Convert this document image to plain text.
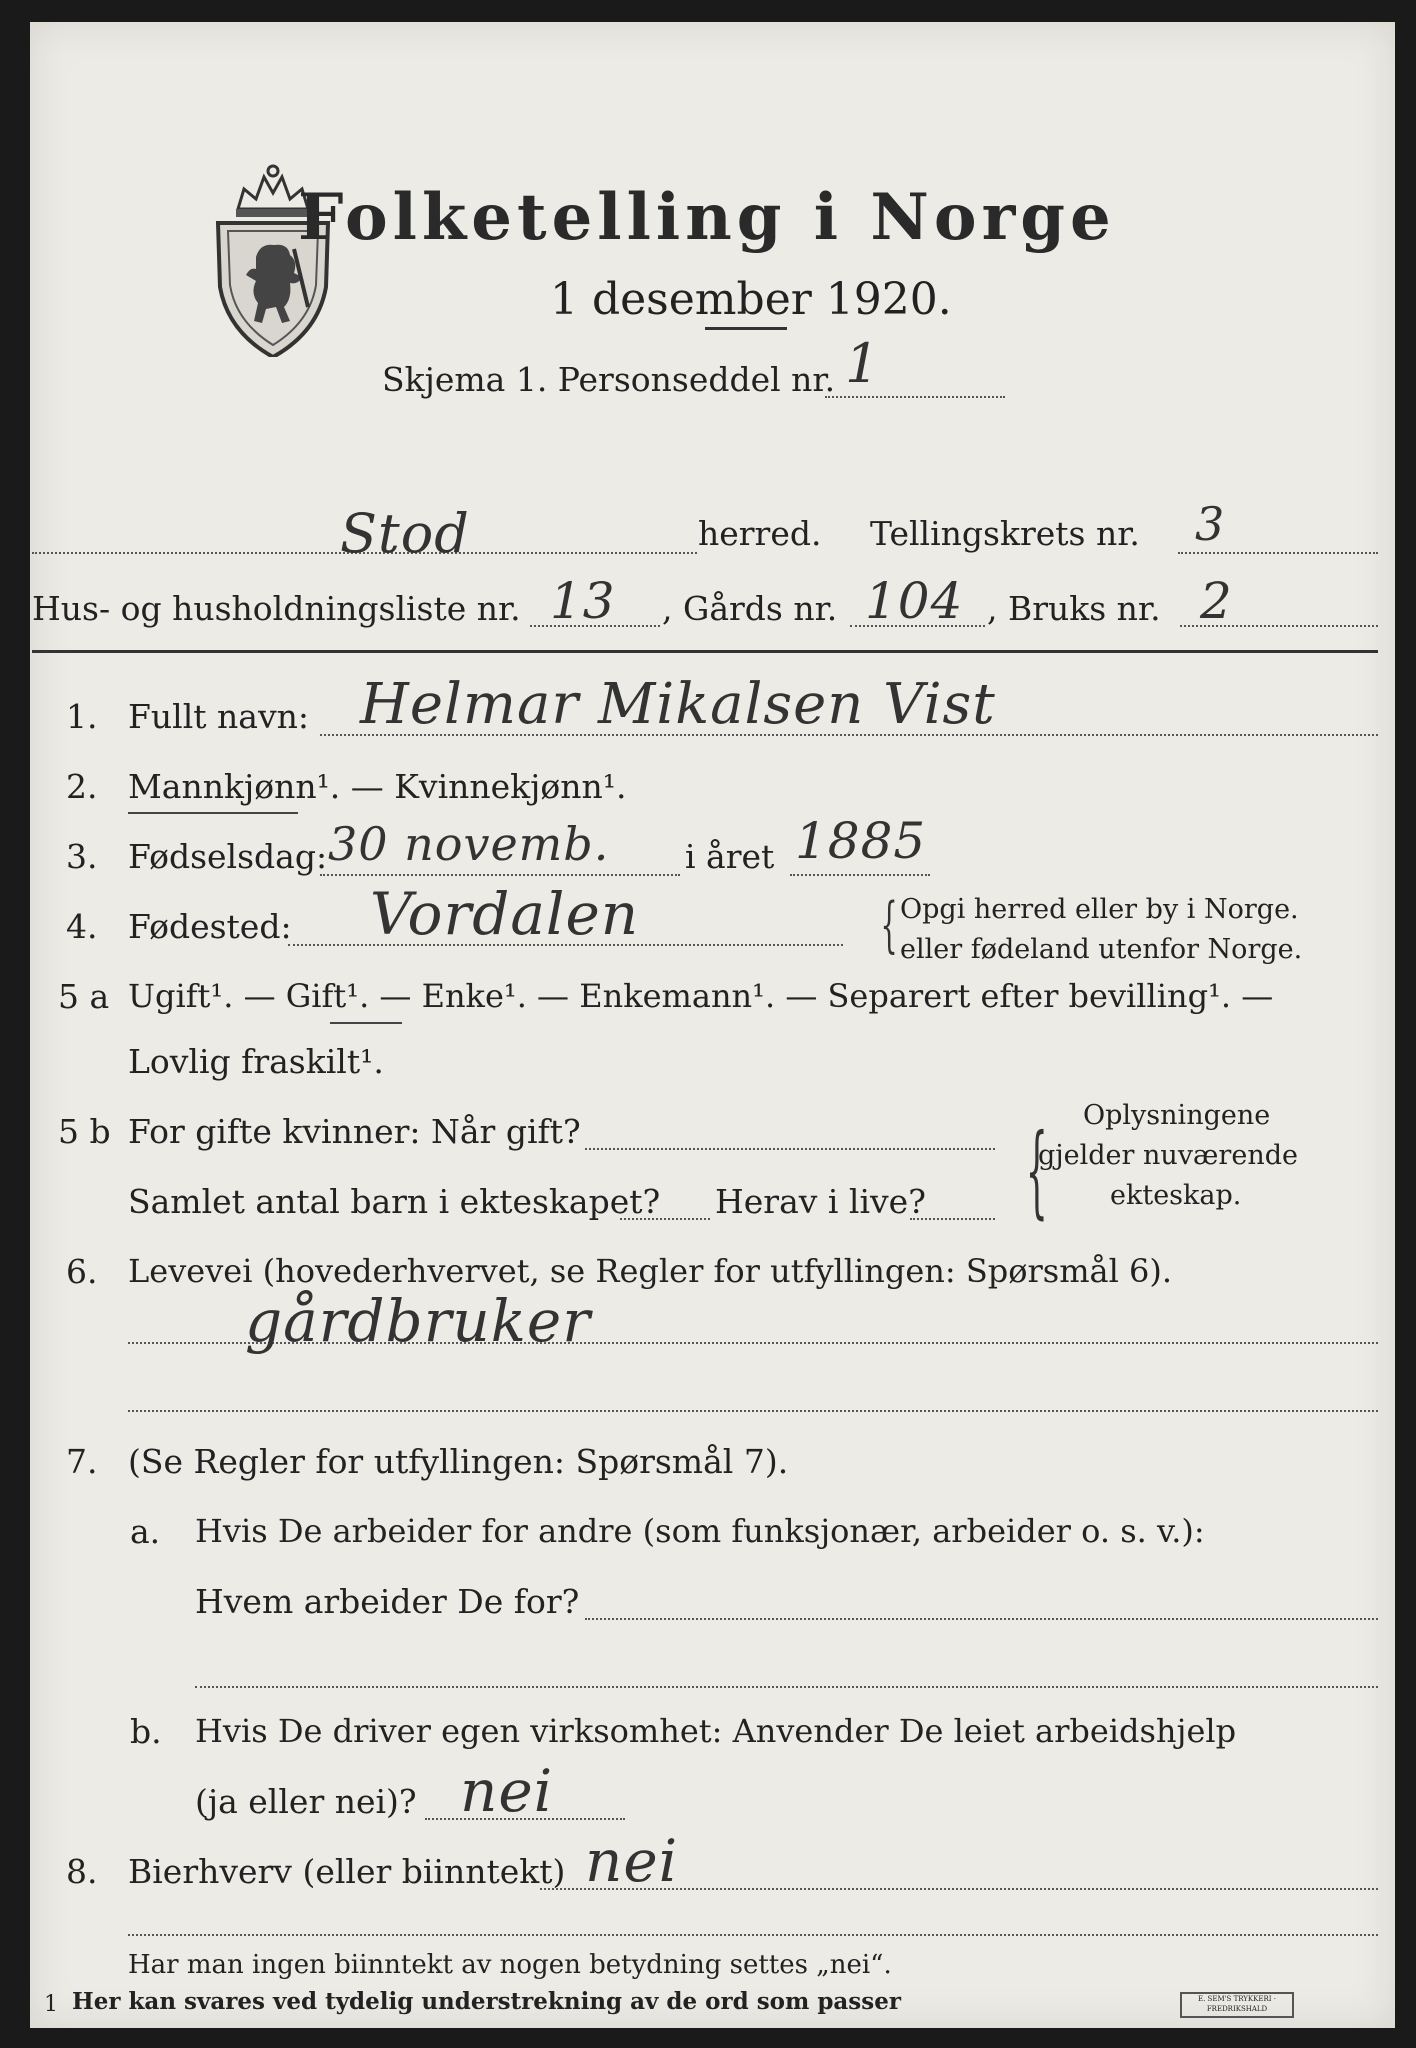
Folketelling i Norge
1 desember 1920.
Skjema 1. Personseddel nr. 1
Stod	herred. Tellingskrets nr. 3
Hus- og husholdningsliste nr. 13 , Gårds nr. 104 , Bruks nr. 2
1. Fullt navn: Helmar Mikalsen Vist
2. Mannkjønn¹. — Kvinnekjønn¹.
3. Fødselsdag: 30 novemb. i året 1885
4. Fødested: Vordalen	{ Opgi herred eller by i Norge.
eller fødeland utenfor Norge.
5 a Ugift¹. — Gift¹. — Enke¹. — Enkemann¹. — Separert efter bevilling¹. —
Lovlig fraskilt¹.
5 b For gifte kvinner: Når gift?
Samlet antal barn i ekteskapet? Herav i live? { Oplysningene
gjelder nuværende
ekteskap.
6. Levevei (hovederhvervet, se Regler for utfyllingen: Spørsmål 6).
gårdbruker
7. (Se Regler for utfyllingen: Spørsmål 7).
a. Hvis De arbeider for andre (som funksjonær, arbeider o. s. v.):
Hvem arbeider De for?
b. Hvis De driver egen virksomhet: Anvender De leiet arbeidshjelp
(ja eller nei)? nei
8. Bierhverv (eller biinntekt) nei
Har man ingen biinntekt av nogen betydning settes „nei“.
1 Her kan svares ved tydelig understrekning av de ord som passer	E. SEM'S TRYKKERI · FREDRIKSHALD
